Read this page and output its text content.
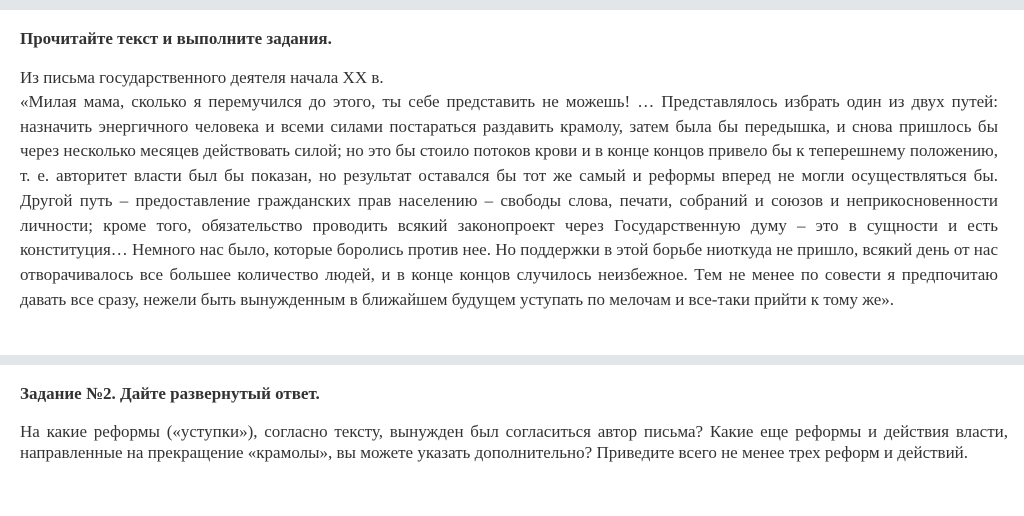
Прочитайте текст и выполните задания.

Из письма государственного деятеля начала XX в.

«Милая мама, сколько я перемучился до этого, ты себе представить не можешь! … Представлялось избрать один из двух путей: назначить энергичного человека и всеми силами постараться раздавить крамолу, затем была бы передышка, и снова пришлось бы через несколько месяцев действовать силой; но это бы стоило потоков крови и в конце концов привело бы к теперешнему положению, т. е. авторитет власти был бы показан, но результат оставался бы тот же самый и реформы вперед не могли осуществляться бы. Другой путь – предоставление гражданских прав населению – свободы слова, печати, собраний и союзов и неприкосновенности личности; кроме того, обязательство проводить всякий законопроект через Государственную думу – это в сущности и есть конституция… Немного нас было, которые боролись против нее. Но поддержки в этой борьбе ниоткуда не пришло, всякий день от нас отворачивалось все большее количество людей, и в конце концов случилось неизбежное. Тем не менее по совести я предпочитаю давать все сразу, нежели быть вынужденным в ближайшем будущем уступать по мелочам и все-таки прийти к тому же».

Задание №2. Дайте развернутый ответ.

На какие реформы («уступки»), согласно тексту, вынужден был согласиться автор письма? Какие еще реформы и действия власти, направленные на прекращение «крамолы», вы можете указать дополнительно? Приведите всего не менее трех реформ и действий.
